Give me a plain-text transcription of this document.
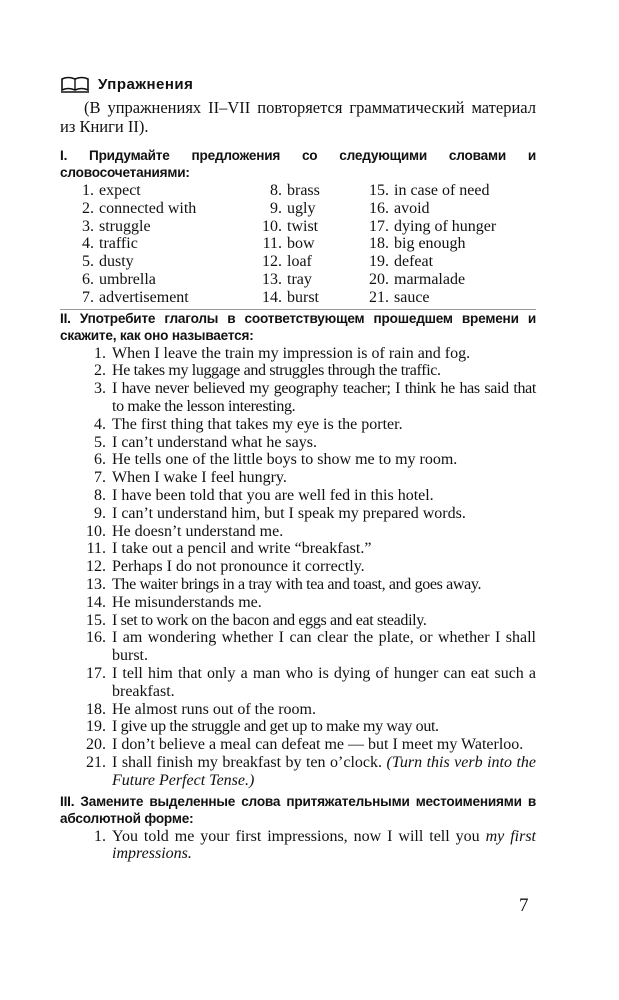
Упражнения
(В упражнениях II–VII повторяется грамматический материал из Книги II).
I. Придумайте предложения со следующими словами и словосочетаниями:
1. expect
2. connected with
3. struggle
4. traffic
5. dusty
6. umbrella
7. advertisement
8. brass
9. ugly
10. twist
11. bow
12. loaf
13. tray
14. burst
15. in case of need
16. avoid
17. dying of hunger
18. big enough
19. defeat
20. marmalade
21. sauce
II. Употребите глаголы в соответствующем прошедшем времени и скажите, как оно называется:
1. When I leave the train my impression is of rain and fog.
2. He takes my luggage and struggles through the traffic.
3. I have never believed my geography teacher; I think he has said that to make the lesson interesting.
4. The first thing that takes my eye is the porter.
5. I can’t understand what he says.
6. He tells one of the little boys to show me to my room.
7. When I wake I feel hungry.
8. I have been told that you are well fed in this hotel.
9. I can’t understand him, but I speak my prepared words.
10. He doesn’t understand me.
11. I take out a pencil and write “breakfast.”
12. Perhaps I do not pronounce it correctly.
13. The waiter brings in a tray with tea and toast, and goes away.
14. He misunderstands me.
15. I set to work on the bacon and eggs and eat steadily.
16. I am wondering whether I can clear the plate, or whether I shall burst.
17. I tell him that only a man who is dying of hunger can eat such a breakfast.
18. He almost runs out of the room.
19. I give up the struggle and get up to make my way out.
20. I don’t believe a meal can defeat me — but I meet my Waterloo.
21. I shall finish my breakfast by ten o’clock. (Turn this verb into the Future Perfect Tense.)
III. Замените выделенные слова притяжательными местоимениями в абсолютной форме:
1. You told me your first impressions, now I will tell you my first impressions.
7
